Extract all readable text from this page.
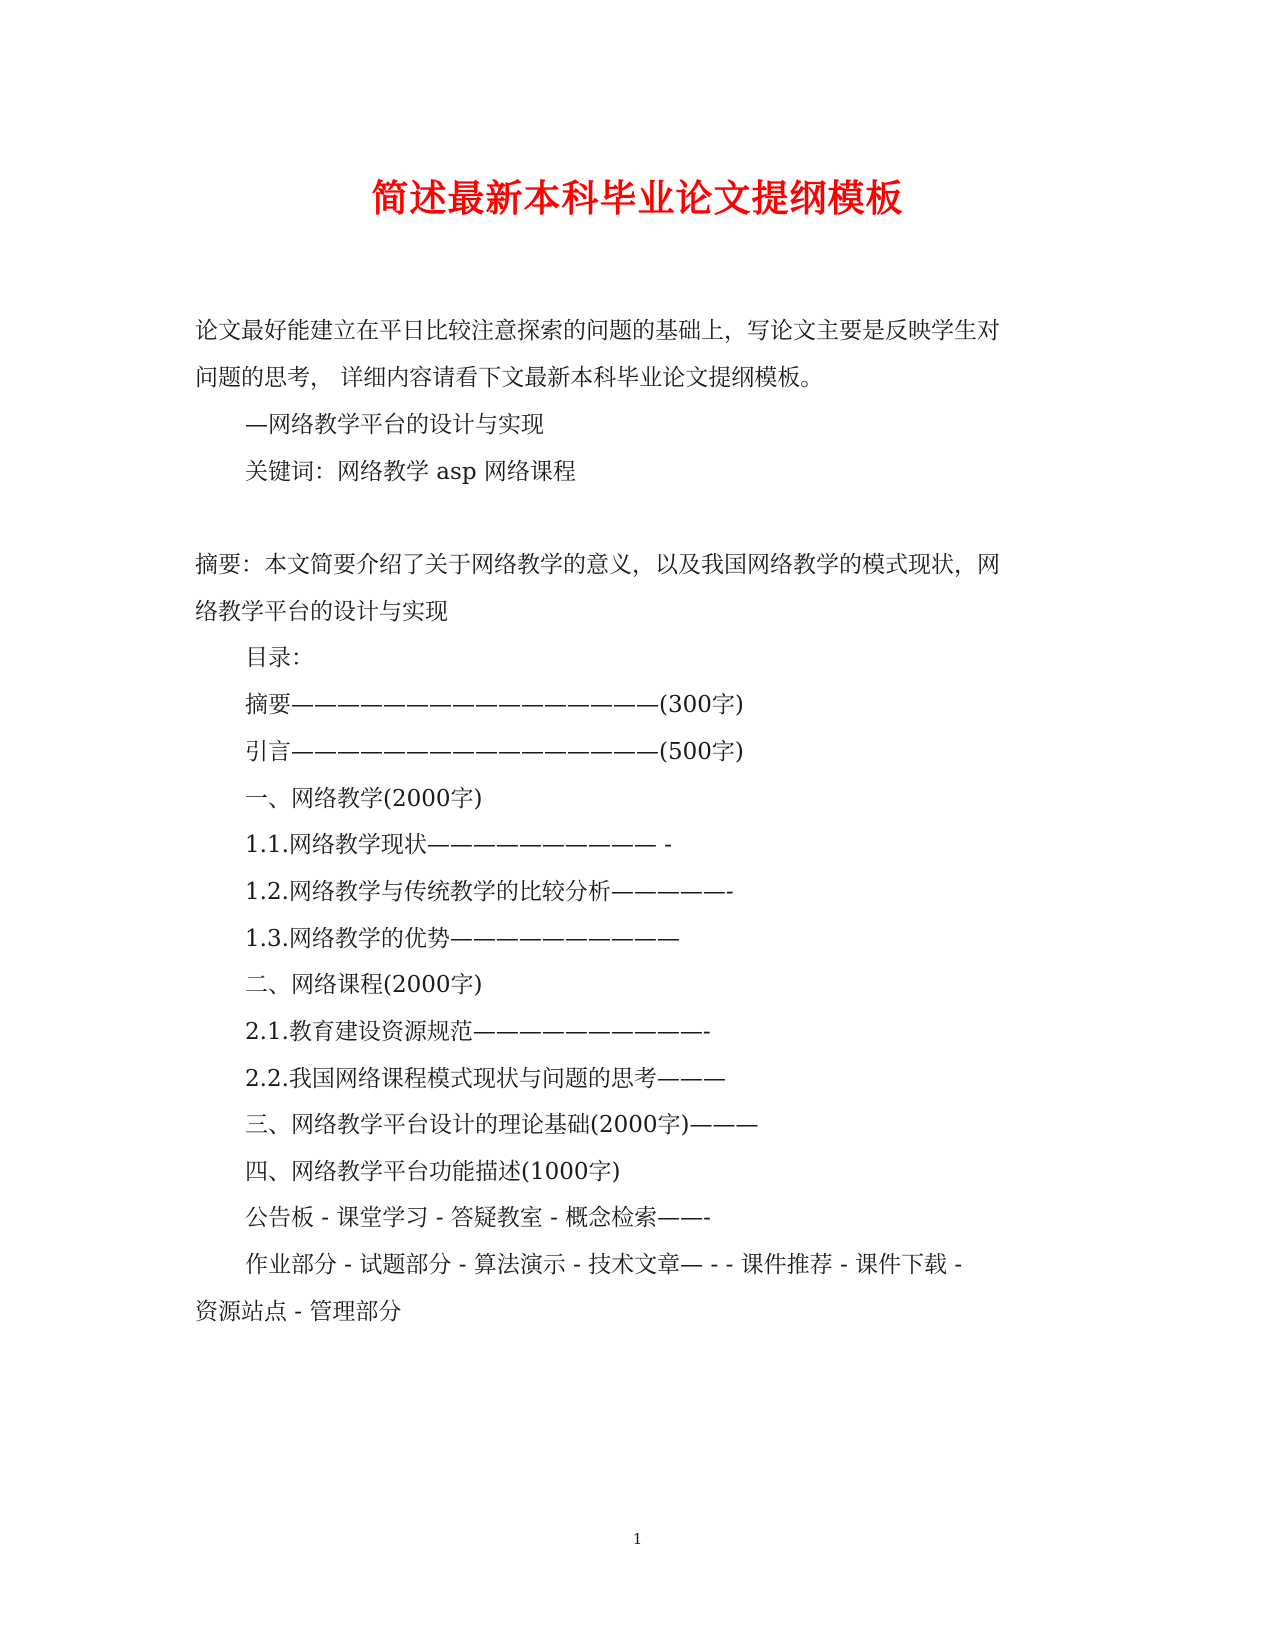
简述最新本科毕业论文提纲模板
论文最好能建立在平日比较注意探索的问题的基础上，写论文主要是反映学生对
问题的思考， 详细内容请看下文最新本科毕业论文提纲模板。
—网络教学平台的设计与实现
关键词：网络教学 asp 网络课程
摘要：本文简要介绍了关于网络教学的意义，以及我国网络教学的模式现状，网
络教学平台的设计与实现
目录：
摘要————————————————(300字)
引言————————————————(500字)
一、网络教学(2000字)
1.1.网络教学现状—————————— -
1.2.网络教学与传统教学的比较分析—————-
1.3.网络教学的优势——————————
二、网络课程(2000字)
2.1.教育建设资源规范——————————-
2.2.我国网络课程模式现状与问题的思考———
三、网络教学平台设计的理论基础(2000字)———
四、网络教学平台功能描述(1000字)
公告板 - 课堂学习 - 答疑教室 - 概念检索——-
作业部分 - 试题部分 - 算法演示 - 技术文章— - - 课件推荐 - 课件下载 -
资源站点 - 管理部分
1
